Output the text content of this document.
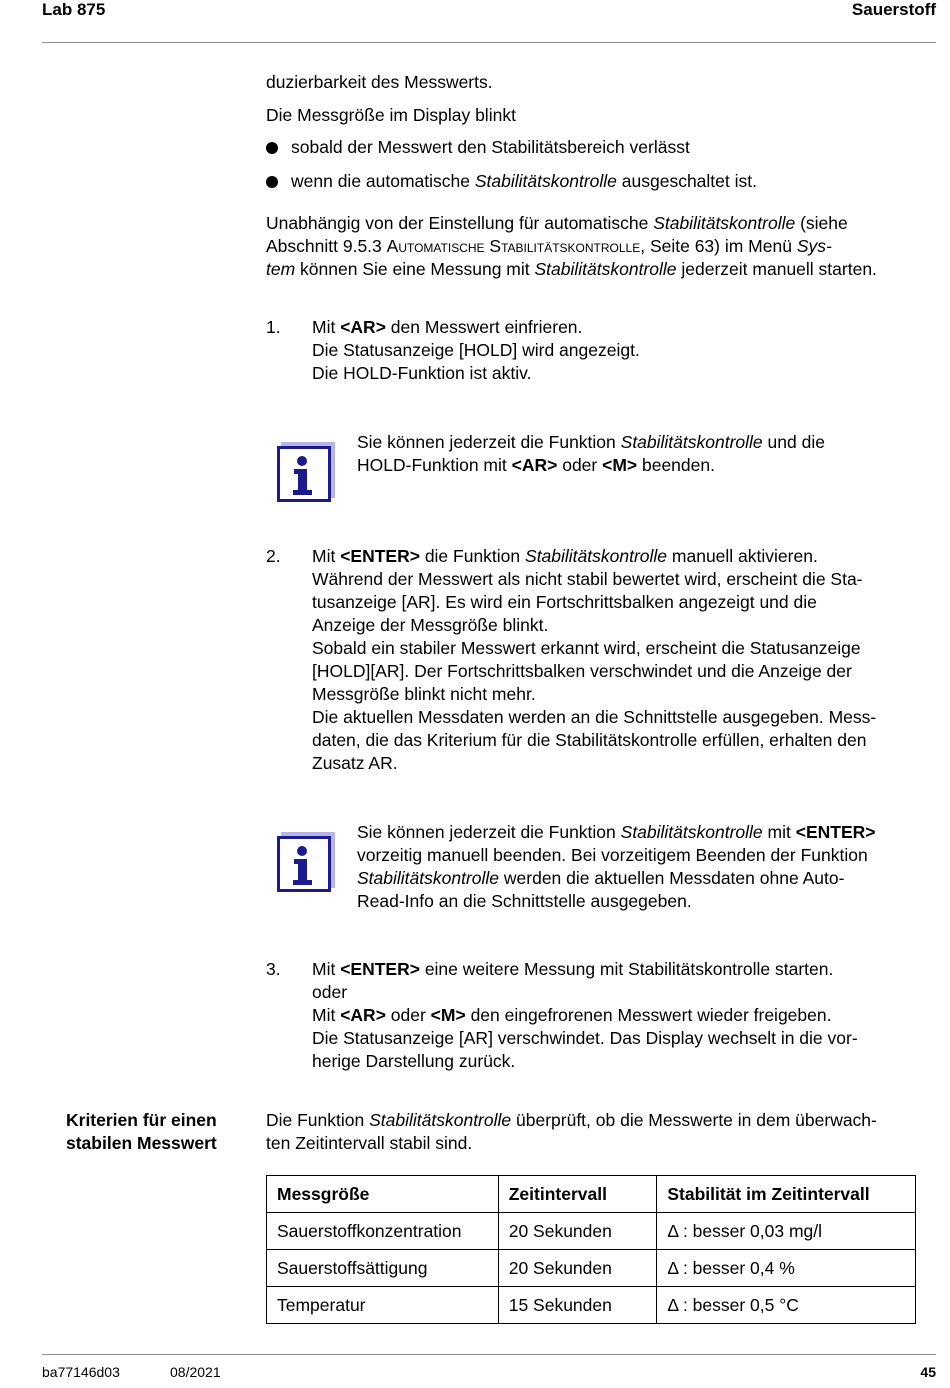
Lab 875	Sauerstoff

duzierbarkeit des Messwerts.

Die Messgröße im Display blinkt

sobald der Messwert den Stabilitätsbereich verlässt
wenn die automatische Stabilitätskontrolle ausgeschaltet ist.
Unabhängig von der Einstellung für automatische Stabilitätskontrolle (siehe
Abschnitt 9.5.3 Automatische Stabilitätskontrolle, Seite 63) im Menü Sys-
tem können Sie eine Messung mit Stabilitätskontrolle jederzeit manuell starten.
1. Mit <AR> den Messwert einfrieren.
Die Statusanzeige [HOLD] wird angezeigt.
Die HOLD-Funktion ist aktiv.
Sie können jederzeit die Funktion Stabilitätskontrolle und die
HOLD-Funktion mit <AR> oder <M> beenden.
2. Mit <ENTER> die Funktion Stabilitätskontrolle manuell aktivieren.
Während der Messwert als nicht stabil bewertet wird, erscheint die Sta-
tusanzeige [AR]. Es wird ein Fortschrittsbalken angezeigt und die
Anzeige der Messgröße blinkt.
Sobald ein stabiler Messwert erkannt wird, erscheint die Statusanzeige
[HOLD][AR]. Der Fortschrittsbalken verschwindet und die Anzeige der
Messgröße blinkt nicht mehr.
Die aktuellen Messdaten werden an die Schnittstelle ausgegeben. Mess-
daten, die das Kriterium für die Stabilitätskontrolle erfüllen, erhalten den
Zusatz AR.
Sie können jederzeit die Funktion Stabilitätskontrolle mit <ENTER>
vorzeitig manuell beenden. Bei vorzeitigem Beenden der Funktion
Stabilitätskontrolle werden die aktuellen Messdaten ohne Auto-
Read-Info an die Schnittstelle ausgegeben.
3. Mit <ENTER> eine weitere Messung mit Stabilitätskontrolle starten.
oder
Mit <AR> oder <M> den eingefrorenen Messwert wieder freigeben.
Die Statusanzeige [AR] verschwindet. Das Display wechselt in die vor-
herige Darstellung zurück.
Kriterien für einen
stabilen Messwert
Die Funktion Stabilitätskontrolle überprüft, ob die Messwerte in dem überwach-
ten Zeitintervall stabil sind.
Messgröße	Zeitintervall	Stabilität im Zeitintervall
Sauerstoffkonzentration	20 Sekunden	Δ : besser 0,03 mg/l
Sauerstoffsättigung	20 Sekunden	Δ : besser 0,4 %
Temperatur	15 Sekunden	Δ : besser 0,5 °C
ba77146d03	08/2021	45
